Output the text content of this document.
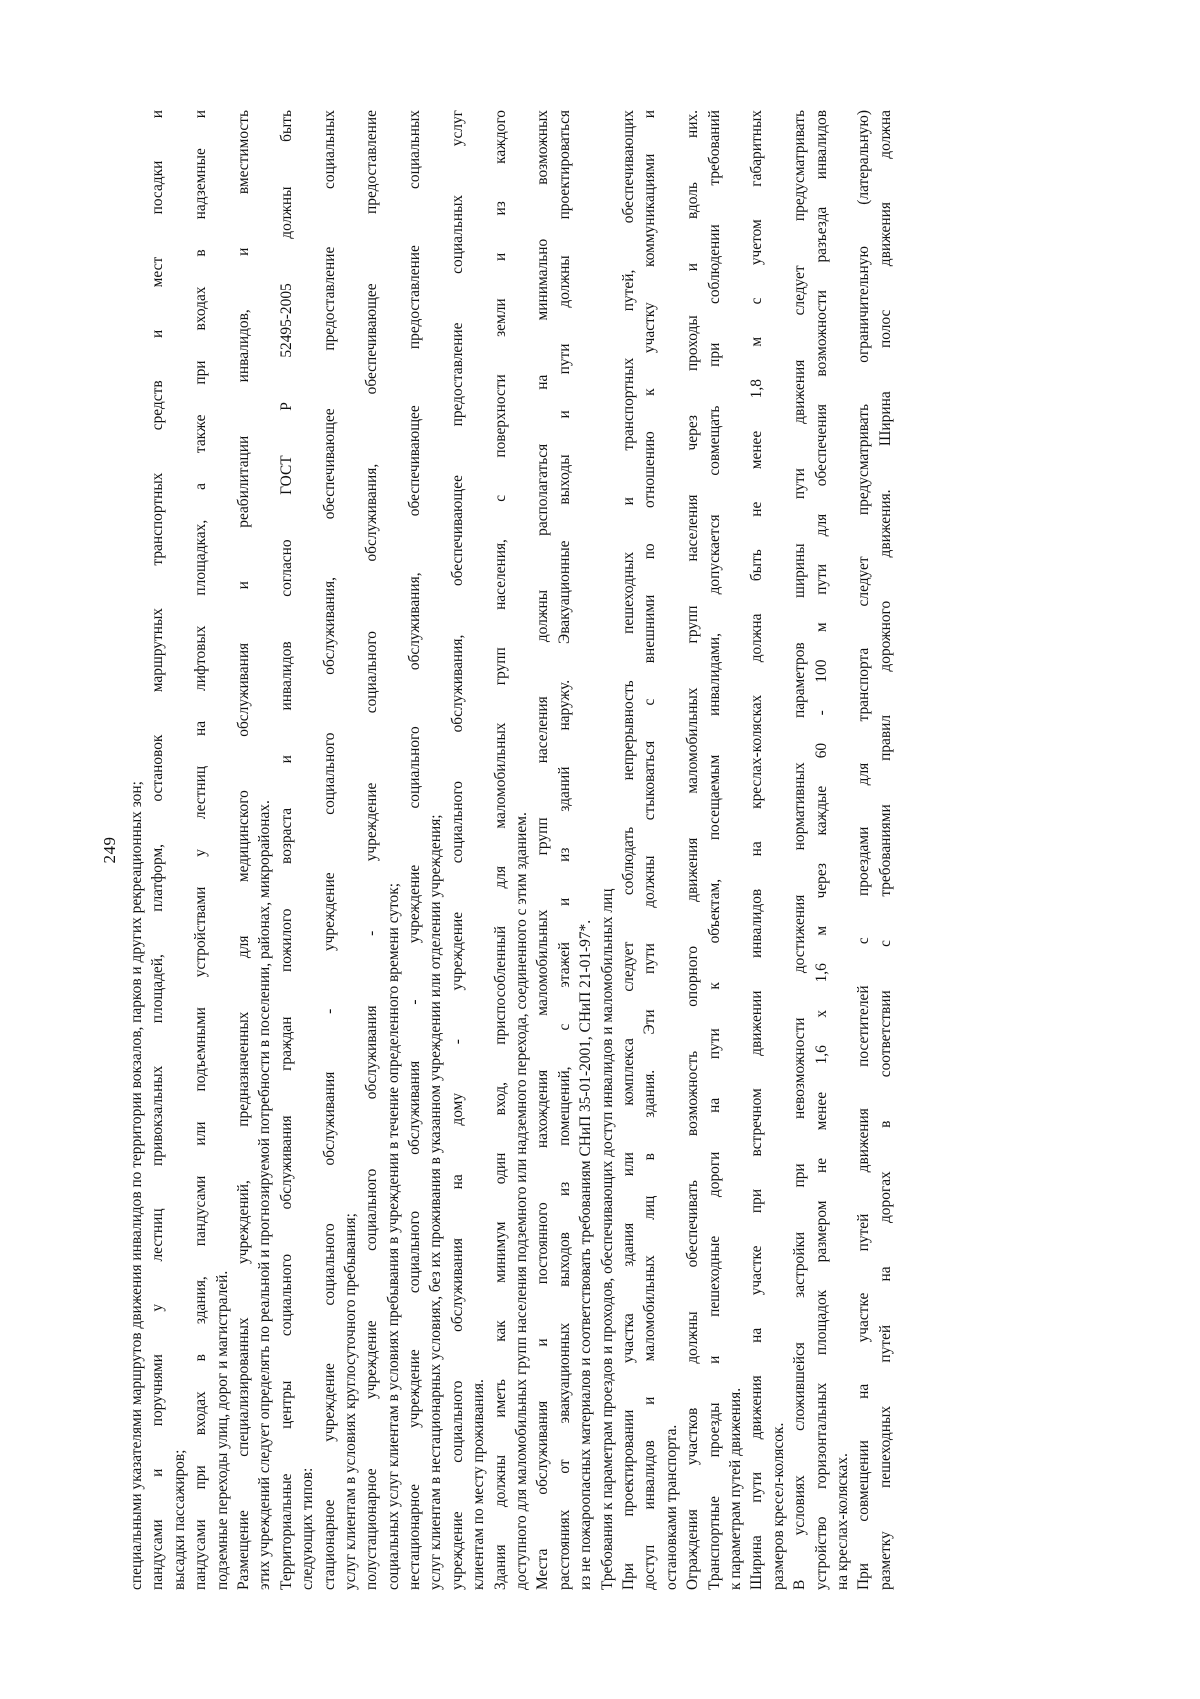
249 специальными указателями маршрутов движения инвалидов по территории вокзалов, парков и других рекреационных зон; пандусами и поручнями у лестниц привокзальных площадей, платформ, остановок маршрутных транспортных средств и мест посадки и высадки пассажиров; пандусами при входах в здания, пандусами или подъемными устройствами у лестниц на лифтовых площадках, а также при входах в надземные и подземные переходы улиц, дорог и магистралей. Размещение специализированных учреждений, предназначенных для медицинского обслуживания и реабилитации инвалидов, и вместимость этих учреждений следует определять по реальной и прогнозируемой потребности в поселении, районах, микрорайонах. Территориальные центры социального обслуживания граждан пожилого возраста и инвалидов согласно ГОСТ Р 52495-2005 должны быть следующих типов: стационарное учреждение социального обслуживания - учреждение социального обслуживания, обеспечивающее предоставление социальных услуг клиентам в условиях круглосуточного пребывания; полустационарное учреждение социального обслуживания - учреждение социального обслуживания, обеспечивающее предоставление социальных услуг клиентам в условиях пребывания в учреждении в течение определенного времени суток; нестационарное учреждение социального обслуживания - учреждение социального обслуживания, обеспечивающее предоставление социальных услуг клиентам в нестационарных условиях, без их проживания в указанном учреждении или отделении учреждения; учреждение социального обслуживания на дому - учреждение социального обслуживания, обеспечивающее предоставление социальных услуг клиентам по месту проживания. Здания должны иметь как минимум один вход, приспособленный для маломобильных групп населения, с поверхности земли и из каждого доступного для маломобильных групп населения подземного или надземного перехода, соединенного с этим зданием. Места обслуживания и постоянного нахождения маломобильных групп населения должны располагаться на минимально возможных расстояниях от эвакуационных выходов из помещений, с этажей и из зданий наружу. Эвакуационные выходы и пути должны проектироваться из не пожароопасных материалов и соответствовать требованиям СНиП 35-01-2001, СНиП 21-01-97*. Требования к параметрам проездов и проходов, обеспечивающих доступ инвалидов и маломобильных лиц При проектировании участка здания или комплекса следует соблюдать непрерывность пешеходных и транспортных путей, обеспечивающих доступ инвалидов и маломобильных лиц в здания. Эти пути должны стыковаться с внешними по отношению к участку коммуникациями и остановками транспорта. Ограждения участков должны обеспечивать возможность опорного движения маломобильных групп населения через проходы и вдоль них. Транспортные проезды и пешеходные дороги на пути к объектам, посещаемым инвалидами, допускается совмещать при соблюдении требований к параметрам путей движения. Ширина пути движения на участке при встречном движении инвалидов на креслах-колясках должна быть не менее 1,8 м с учетом габаритных размеров кресел-колясок. В условиях сложившейся застройки при невозможности достижения нормативных параметров ширины пути движения следует предусматривать устройство горизонтальных площадок размером не менее 1,6 х 1,6 м через каждые 60 - 100 м пути для обеспечения возможности разъезда инвалидов на креслах-колясках. При совмещении на участке путей движения посетителей с проездами для транспорта следует предусматривать ограничительную (латеральную) разметку пешеходных путей на дорогах в соответствии с требованиями правил дорожного движения. Ширина полос движения должна
